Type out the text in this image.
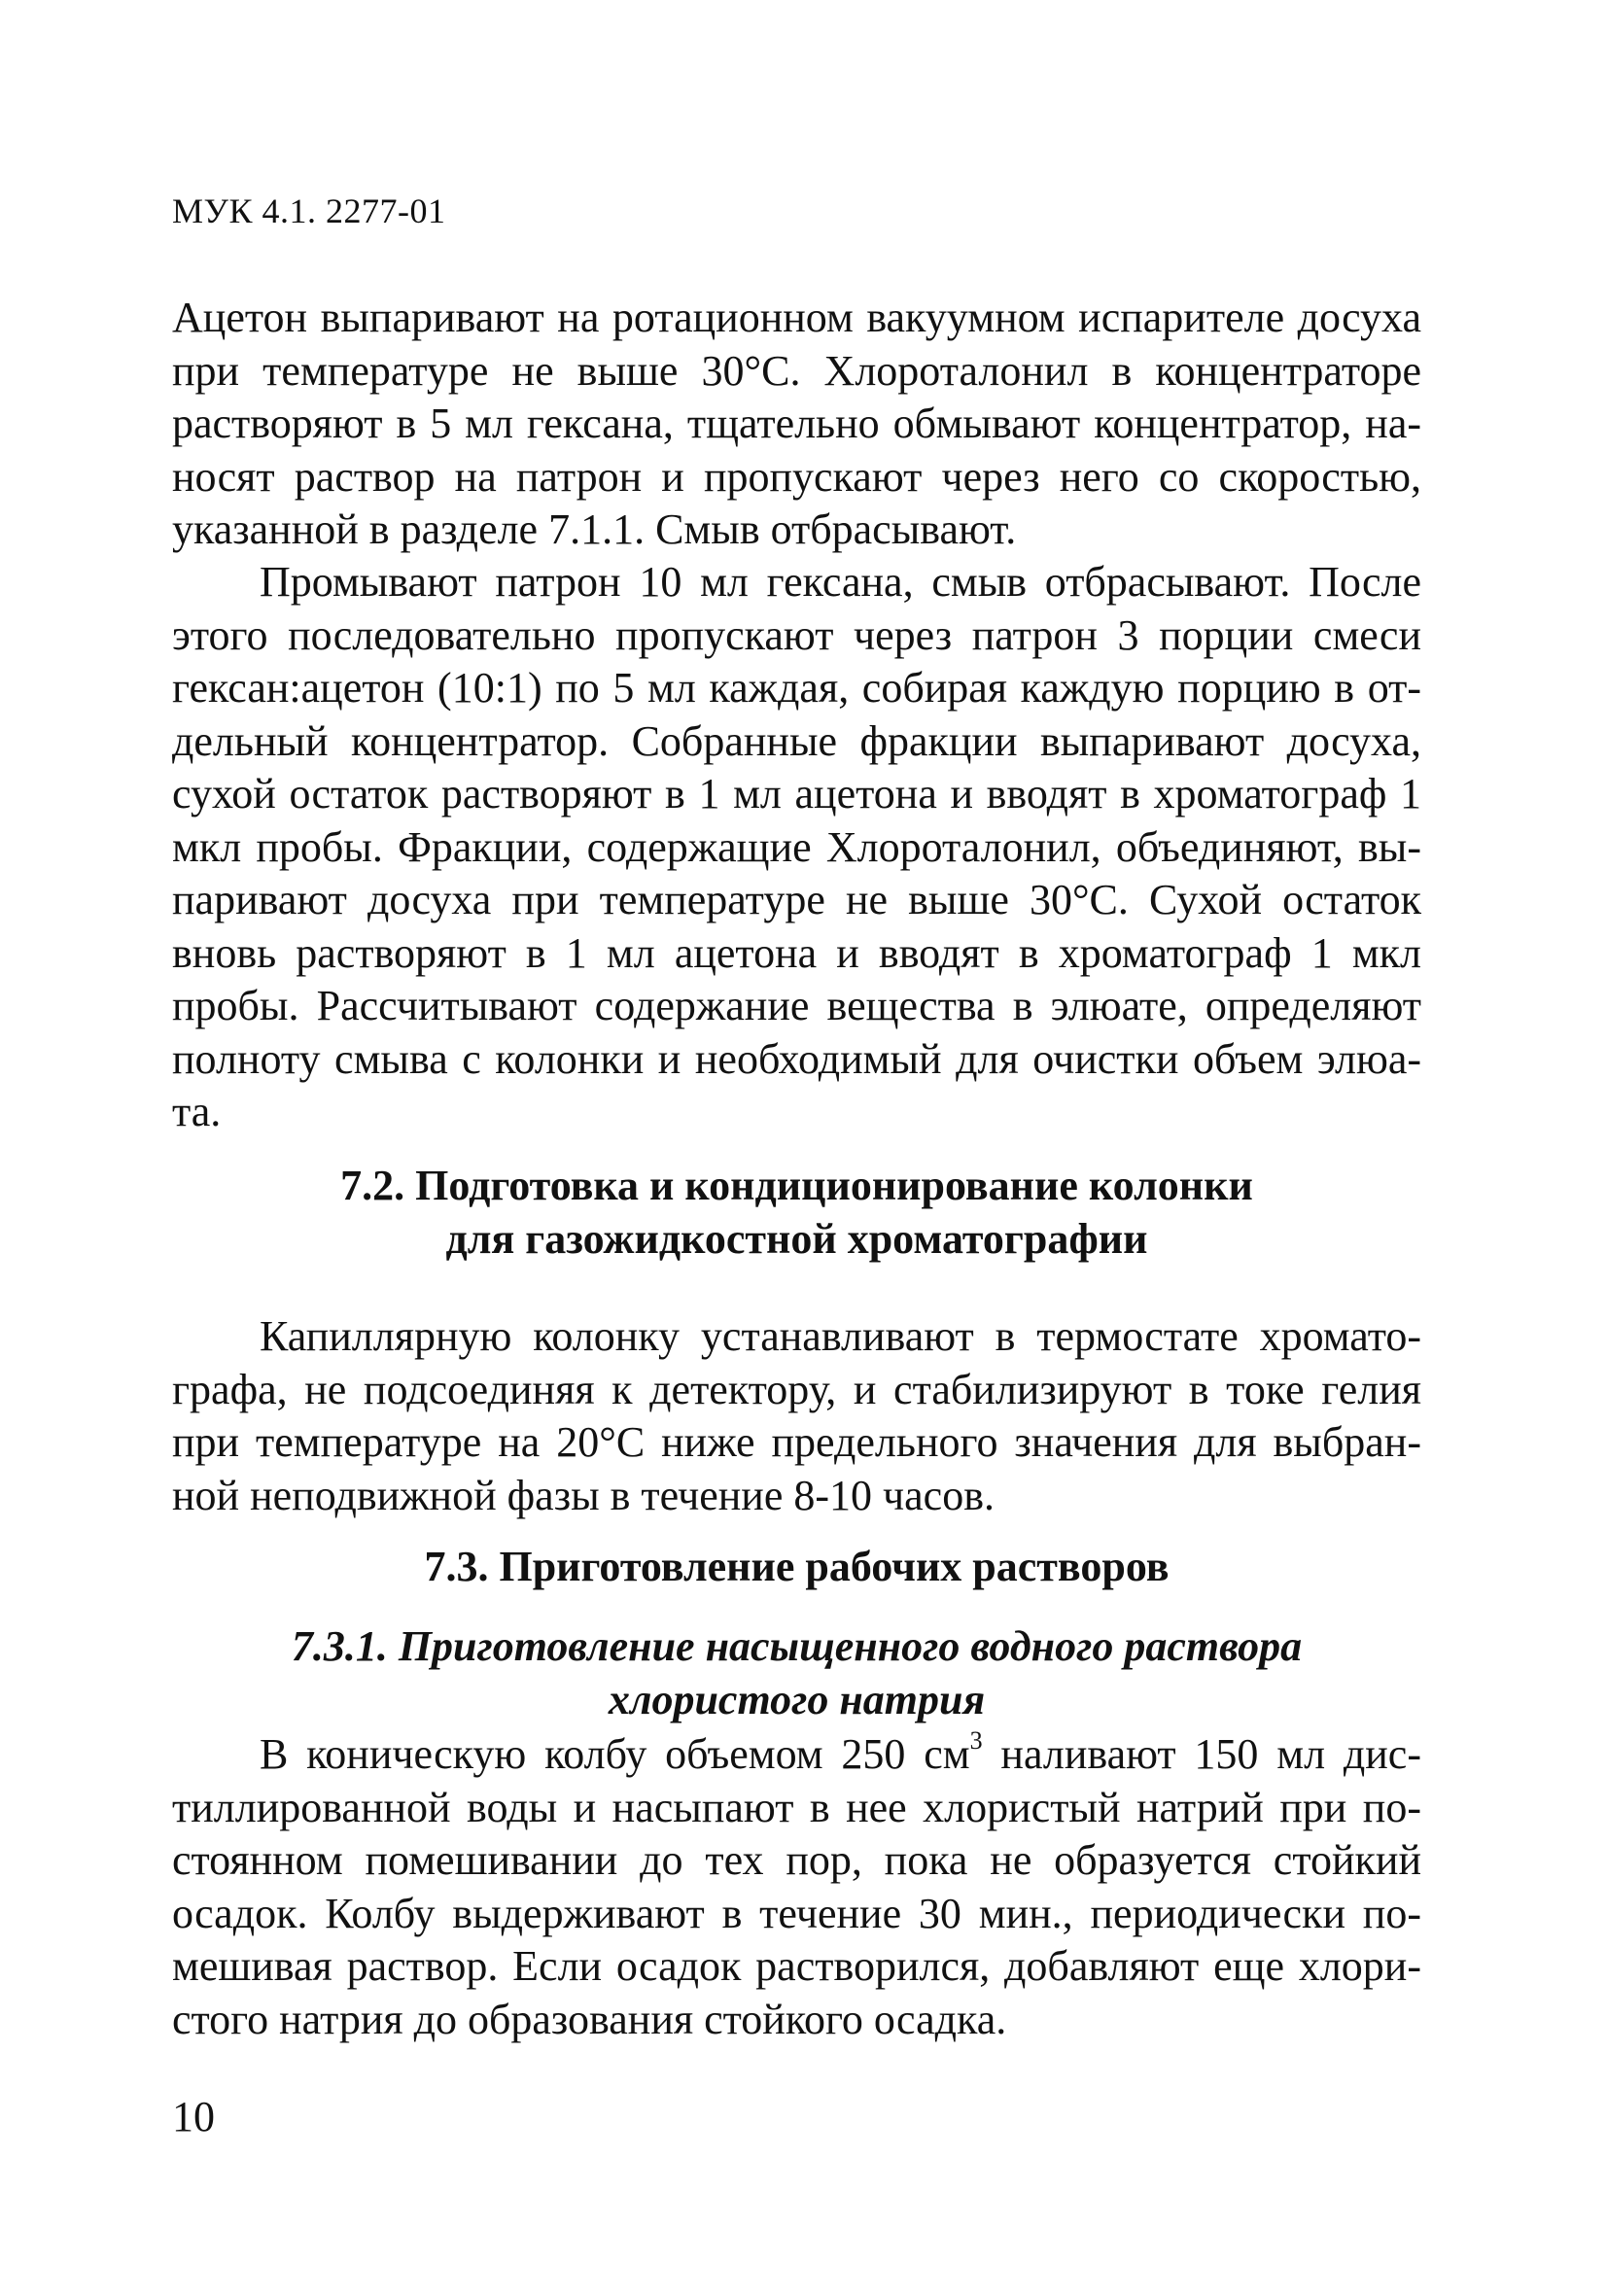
МУК 4.1. 2277-01
Ацетон выпаривают на ротационном вакуумном испарителе досуха
при температуре не выше 30°С. Хлороталонил в концентраторе
растворяют в 5 мл гексана, тщательно обмывают концентратор, на-
носят раствор на патрон и пропускают через него со скоростью,
указанной в разделе 7.1.1. Смыв отбрасывают.
Промывают патрон 10 мл гексана, смыв отбрасывают. После
этого последовательно пропускают через патрон 3 порции смеси
гексан:ацетон (10:1) по 5 мл каждая, собирая каждую порцию в от-
дельный концентратор. Собранные фракции выпаривают досуха,
сухой остаток растворяют в 1 мл ацетона и вводят в хроматограф 1
мкл пробы. Фракции, содержащие Хлороталонил, объединяют, вы-
паривают досуха при температуре не выше 30°С. Сухой остаток
вновь растворяют в 1 мл ацетона и вводят в хроматограф 1 мкл
пробы. Рассчитывают содержание вещества в элюате, определяют
полноту смыва с колонки и необходимый для очистки объем элюа-
та.
7.2. Подготовка и кондиционирование колонки
для газожидкостной хроматографии
Капиллярную колонку устанавливают в термостате хромато-
графа, не подсоединяя к детектору, и стабилизируют в токе гелия
при температуре на 20°С ниже предельного значения для выбран-
ной неподвижной фазы в течение 8-10 часов.
7.3. Приготовление рабочих растворов
7.3.1. Приготовление насыщенного водного раствора
хлористого натрия
В коническую колбу объемом 250 $см^3$ наливают 150 мл дис-
тиллированной воды и насыпают в нее хлористый натрий при по-
стоянном помешивании до тех пор, пока не образуется стойкий
осадок. Колбу выдерживают в течение 30 мин., периодически по-
мешивая раствор. Если осадок растворился, добавляют еще хлори-
стого натрия до образования стойкого осадка.
10
